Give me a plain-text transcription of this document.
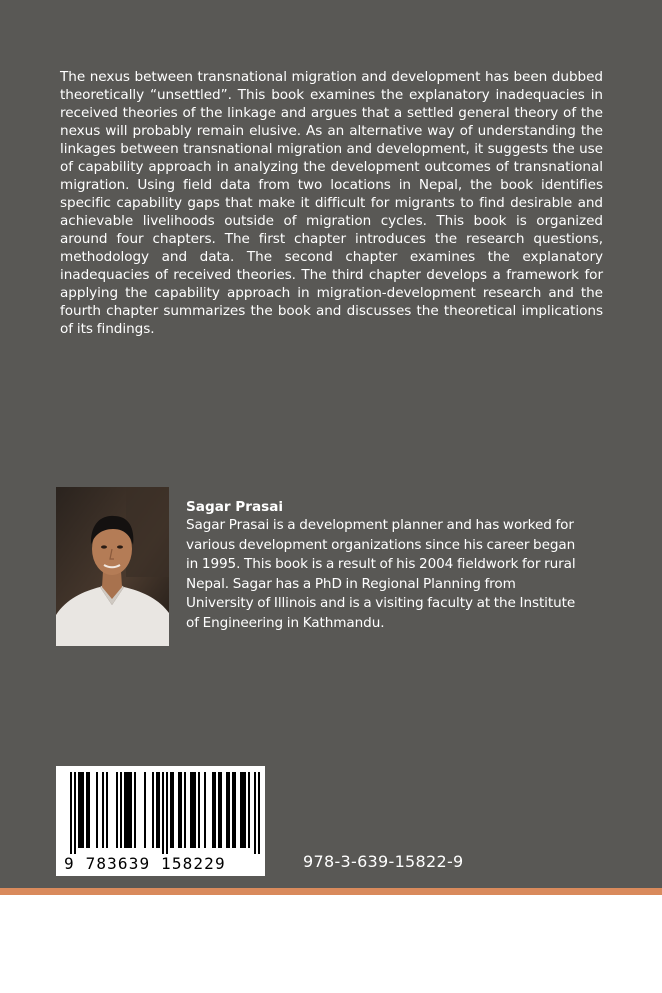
The nexus between transnational migration and development has been dubbed theoretically “unsettled”. This book examines the explanatory inadequacies in received theories of the linkage and argues that a settled general theory of the nexus will probably remain elusive. As an alternative way of understanding the linkages between transnational migration and development, it suggests the use of capability approach in analyzing the development outcomes of transnational migration. Using field data from two locations in Nepal, the book identifies specific capability gaps that make it difficult for migrants to find desirable and achievable livelihoods outside of migration cycles. This book is organized around four chapters. The first chapter introduces the research questions, methodology and data. The second chapter examines the explanatory inadequacies of received theories. The third chapter develops a framework for applying the capability approach in migration-development research and the fourth chapter summarizes the book and discusses the theoretical implications of its findings.

Sagar Prasai

Sagar Prasai is a development planner and has worked for various development organizations since his career began in 1995. This book is a result of his 2004 fieldwork for rural Nepal. Sagar has a PhD in Regional Planning from University of Illinois and is a visiting faculty at the Institute of Engineering in Kathmandu.

9 783639 158229	978-3-639-15822-9
